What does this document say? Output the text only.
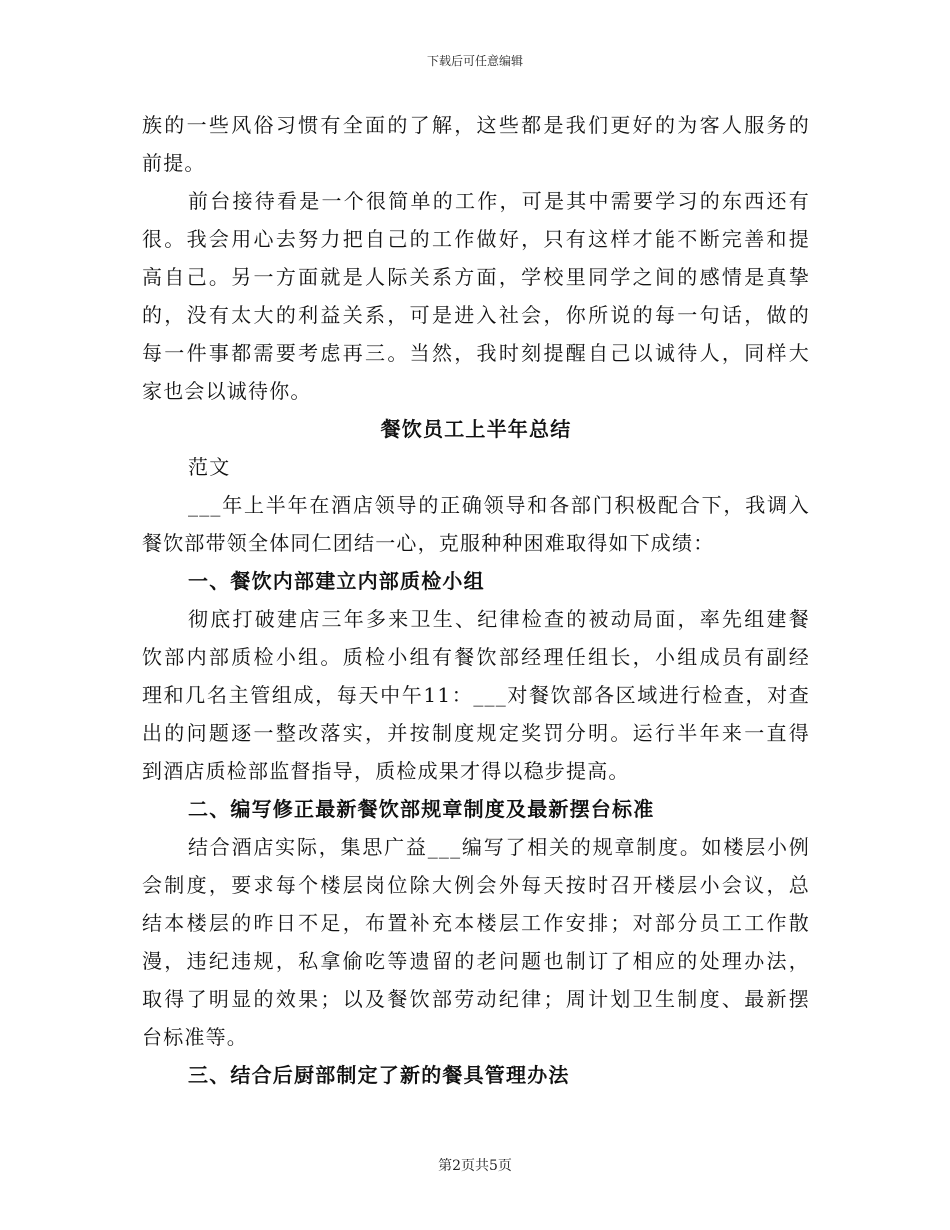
下载后可任意编辑
族的一些风俗习惯有全面的了解，这些都是我们更好的为客人服务的
前提。
前台接待看是一个很简单的工作，可是其中需要学习的东西还有
很。我会用心去努力把自己的工作做好，只有这样才能不断完善和提
高自己。另一方面就是人际关系方面，学校里同学之间的感情是真挚
的，没有太大的利益关系，可是进入社会，你所说的每一句话，做的
每一件事都需要考虑再三。当然，我时刻提醒自己以诚待人，同样大
家也会以诚待你。
餐饮员工上半年总结
范文
___年上半年在酒店领导的正确领导和各部门积极配合下，我调入
餐饮部带领全体同仁团结一心，克服种种困难取得如下成绩：
一、餐饮内部建立内部质检小组
彻底打破建店三年多来卫生、纪律检查的被动局面，率先组建餐
饮部内部质检小组。质检小组有餐饮部经理任组长，小组成员有副经
理和几名主管组成，每天中午11：___对餐饮部各区域进行检查，对查
出的问题逐一整改落实，并按制度规定奖罚分明。运行半年来一直得
到酒店质检部监督指导，质检成果才得以稳步提高。
二、编写修正最新餐饮部规章制度及最新摆台标准
结合酒店实际，集思广益___编写了相关的规章制度。如楼层小例
会制度，要求每个楼层岗位除大例会外每天按时召开楼层小会议，总
结本楼层的昨日不足，布置补充本楼层工作安排；对部分员工工作散
漫，违纪违规，私拿偷吃等遗留的老问题也制订了相应的处理办法，
取得了明显的效果；以及餐饮部劳动纪律；周计划卫生制度、最新摆
台标准等。
三、结合后厨部制定了新的餐具管理办法
第2页共5页
